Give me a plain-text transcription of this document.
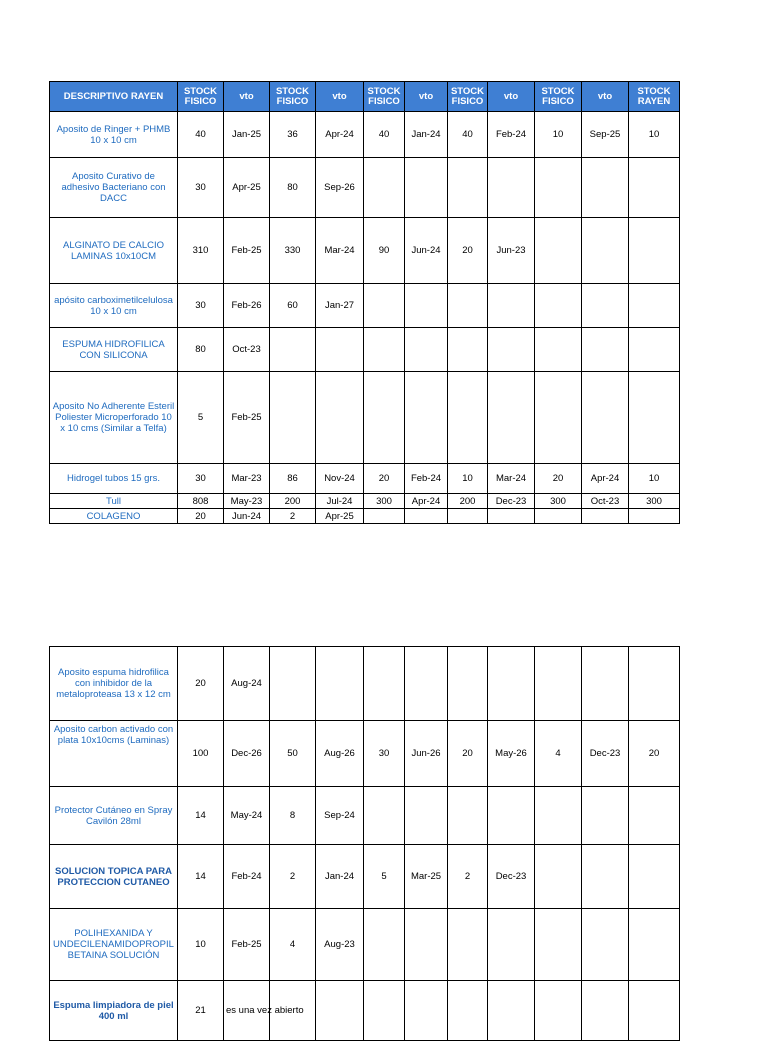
DESCRIPTIVO RAYEN	STOCK FISICO	vto	STOCK FISICO	vto	STOCK FISICO	vto	STOCK FISICO	vto	STOCK FISICO	vto	STOCK RAYEN
Aposito de Ringer + PHMB 10 x 10 cm	40	Jan-25	36	Apr-24	40	Jan-24	40	Feb-24	10	Sep-25	10
Aposito Curativo de adhesivo Bacteriano con DACC	30	Apr-25	80	Sep-26							
ALGINATO DE CALCIO LAMINAS 10x10CM	310	Feb-25	330	Mar-24	90	Jun-24	20	Jun-23			
apósito carboximetilcelulosa 10 x 10 cm	30	Feb-26	60	Jan-27							
ESPUMA HIDROFILICA CON SILICONA	80	Oct-23									
Aposito No Adherente Esteril Poliester Microperforado 10 x 10 cms (Similar a Telfa)	5	Feb-25									
Hidrogel tubos 15 grs.	30	Mar-23	86	Nov-24	20	Feb-24	10	Mar-24	20	Apr-24	10
Tull	808	May-23	200	Jul-24	300	Apr-24	200	Dec-23	300	Oct-23	300
COLAGENO	20	Jun-24	2	Apr-25							
Aposito espuma hidrofilica con inhibidor de la metaloproteasa 13 x 12 cm	20	Aug-24									
Aposito carbon activado con plata 10x10cms (Laminas)	100	Dec-26	50	Aug-26	30	Jun-26	20	May-26	4	Dec-23	20
Protector Cutáneo en Spray Cavilón 28ml	14	May-24	8	Sep-24							
SOLUCION TOPICA PARA PROTECCION CUTANEO	14	Feb-24	2	Jan-24	5	Mar-25	2	Dec-23			
POLIHEXANIDA Y UNDECILENAMIDOPROPIL BETAINA SOLUCIÓN	10	Feb-25	4	Aug-23							
Espuma limpiadora de piel 400 ml	21	es una vez abierto									
